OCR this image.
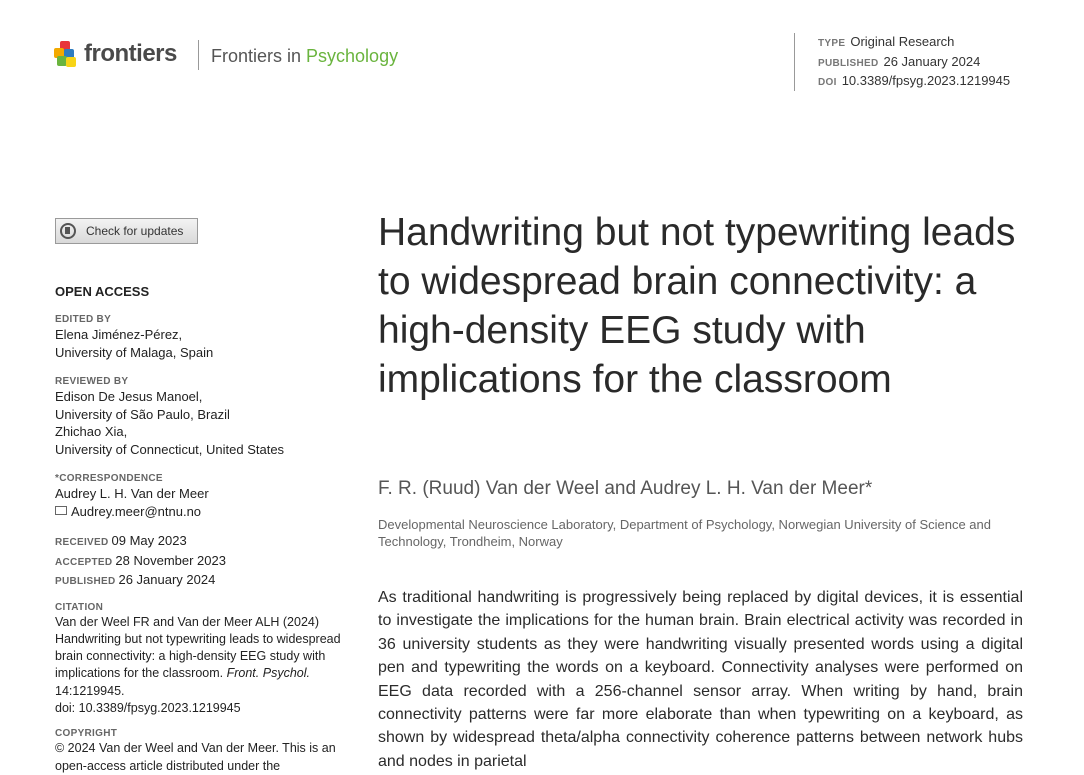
frontiers Frontiers in Psychology
TYPE Original Research
PUBLISHED 26 January 2024
DOI 10.3389/fpsyg.2023.1219945
Check for updates
OPEN ACCESS
EDITED BY
Elena Jiménez-Pérez,
University of Malaga, Spain
REVIEWED BY
Edison De Jesus Manoel,
University of São Paulo, Brazil
Zhichao Xia,
University of Connecticut, United States
*CORRESPONDENCE
Audrey L. H. Van der Meer
Audrey.meer@ntnu.no
RECEIVED 09 May 2023
ACCEPTED 28 November 2023
PUBLISHED 26 January 2024
CITATION
Van der Weel FR and Van der Meer ALH (2024) Handwriting but not typewriting leads to widespread brain connectivity: a high-density EEG study with implications for the classroom. Front. Psychol. 14:1219945.
doi: 10.3389/fpsyg.2023.1219945
COPYRIGHT
© 2024 Van der Weel and Van der Meer. This is an open-access article distributed under the
Handwriting but not typewriting leads to widespread brain connectivity: a high-density EEG study with implications for the classroom
F. R. (Ruud) Van der Weel and Audrey L. H. Van der Meer*
Developmental Neuroscience Laboratory, Department of Psychology, Norwegian University of Science and Technology, Trondheim, Norway

As traditional handwriting is progressively being replaced by digital devices, it is essential to investigate the implications for the human brain. Brain electrical activity was recorded in 36 university students as they were handwriting visually presented words using a digital pen and typewriting the words on a keyboard. Connectivity analyses were performed on EEG data recorded with a 256-channel sensor array. When writing by hand, brain connectivity patterns were far more elaborate than when typewriting on a keyboard, as shown by widespread theta/alpha connectivity coherence patterns between network hubs and nodes in parietal
